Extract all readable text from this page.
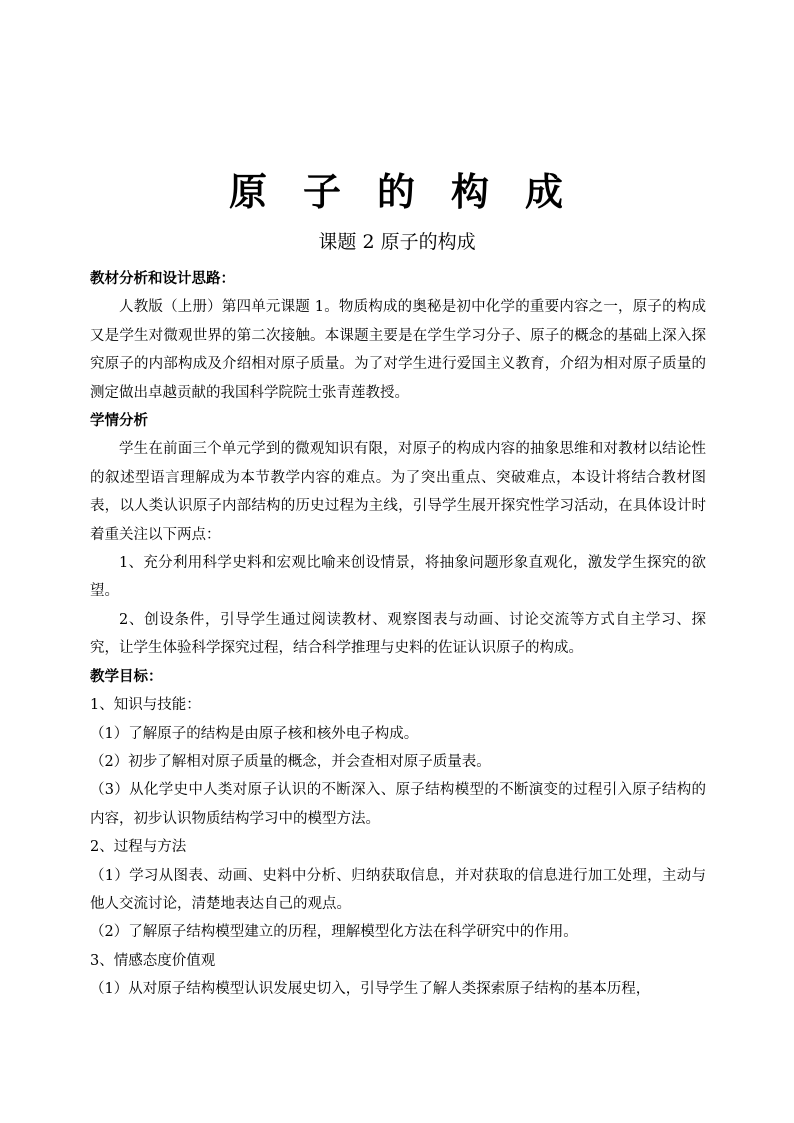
原 子 的 构 成
课题 2 原子的构成
教材分析和设计思路：
人教版（上册）第四单元课题 1。物质构成的奥秘是初中化学的重要内容之一，原子的构成又是学生对微观世界的第二次接触。本课题主要是在学生学习分子、原子的概念的基础上深入探究原子的内部构成及介绍相对原子质量。为了对学生进行爱国主义教育，介绍为相对原子质量的测定做出卓越贡献的我国科学院院士张青莲教授。
学情分析
学生在前面三个单元学到的微观知识有限，对原子的构成内容的抽象思维和对教材以结论性的叙述型语言理解成为本节教学内容的难点。为了突出重点、突破难点，本设计将结合教材图表，以人类认识原子内部结构的历史过程为主线，引导学生展开探究性学习活动，在具体设计时着重关注以下两点：
1、充分利用科学史料和宏观比喻来创设情景，将抽象问题形象直观化，激发学生探究的欲望。
2、创设条件，引导学生通过阅读教材、观察图表与动画、讨论交流等方式自主学习、探究，让学生体验科学探究过程，结合科学推理与史料的佐证认识原子的构成。
教学目标：
1、知识与技能：
（1）了解原子的结构是由原子核和核外电子构成。
（2）初步了解相对原子质量的概念，并会查相对原子质量表。
（3）从化学史中人类对原子认识的不断深入、原子结构模型的不断演变的过程引入原子结构的内容，初步认识物质结构学习中的模型方法。
2、过程与方法
（1）学习从图表、动画、史料中分析、归纳获取信息，并对获取的信息进行加工处理，主动与他人交流讨论，清楚地表达自己的观点。
（2）了解原子结构模型建立的历程，理解模型化方法在科学研究中的作用。
3、情感态度价值观
（1）从对原子结构模型认识发展史切入，引导学生了解人类探索原子结构的基本历程，
